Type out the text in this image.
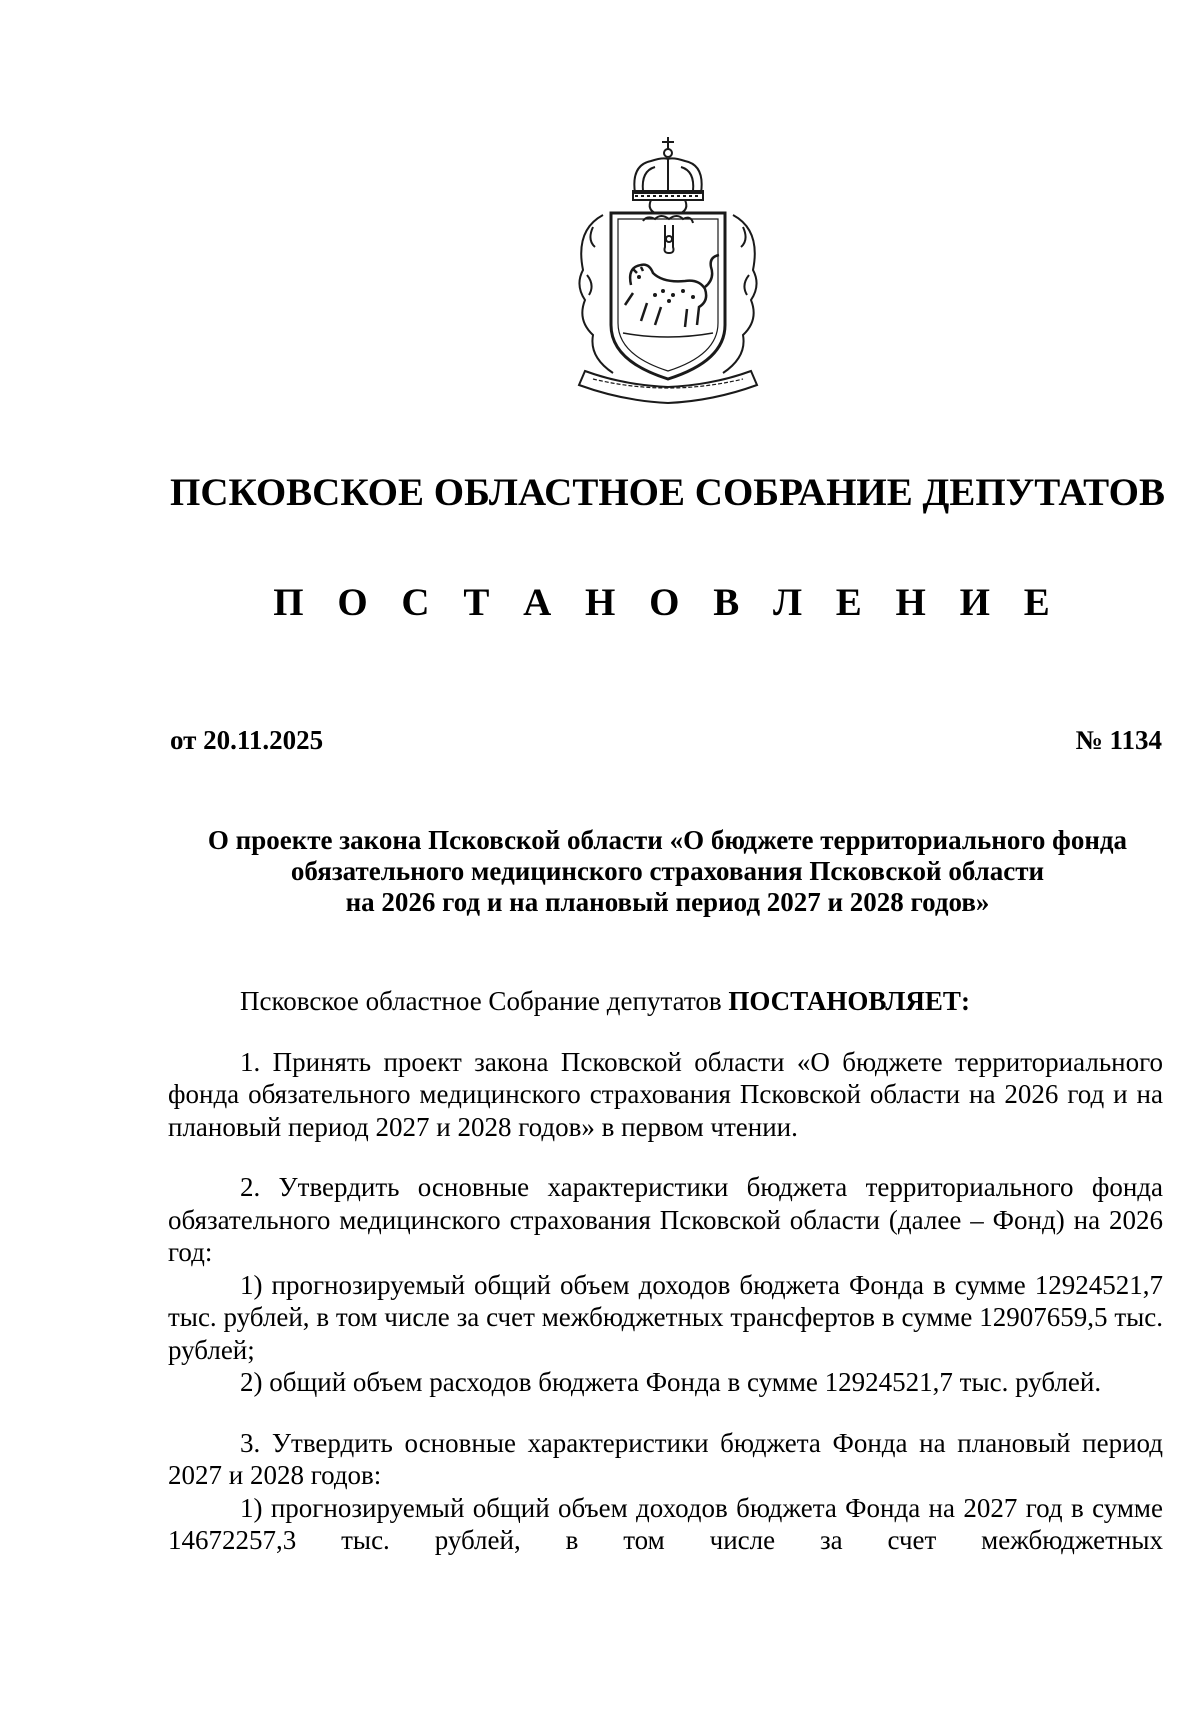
ПСКОВСКОЕ ОБЛАСТНОЕ СОБРАНИЕ ДЕПУТАТОВ
П О С Т А Н О В Л Е Н И Е
от 20.11.2025	№ 1134
О проекте закона Псковской области «О бюджете территориального фонда
обязательного медицинского страхования Псковской области
на 2026 год и на плановый период 2027 и 2028 годов»

Псковское областное Собрание депутатов ПОСТАНОВЛЯЕТ:

1. Принять проект закона Псковской области «О бюджете территориального фонда обязательного медицинского страхования Псковской области на 2026 год и на плановый период 2027 и 2028 годов» в первом чтении.

2. Утвердить основные характеристики бюджета территориального фонда обязательного медицинского страхования Псковской области (далее – Фонд) на 2026 год:

1) прогнозируемый общий объем доходов бюджета Фонда в сумме 12924521,7 тыс. рублей, в том числе за счет межбюджетных трансфертов в сумме 12907659,5 тыс. рублей;

2) общий объем расходов бюджета Фонда в сумме 12924521,7 тыс. рублей.

3. Утвердить основные характеристики бюджета Фонда на плановый период 2027 и 2028 годов:

1) прогнозируемый общий объем доходов бюджета Фонда на 2027 год в сумме 14672257,3 тыс. рублей, в том числе за счет межбюджетных
